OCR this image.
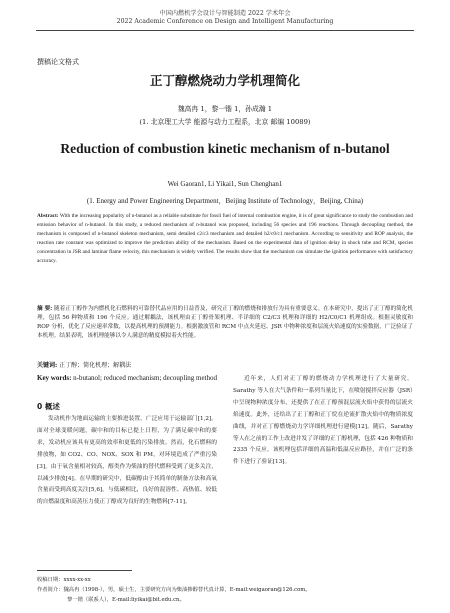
中国内燃机学会设计与智能制造 2022 学术年会
2022 Academic Conference on Design and Intelligent Manufacturing
撰稿论文格式
正丁醇燃烧动力学机理简化
魏高冉 1，黎一锴 1，孙成瀚 1
(1. 北京理工大学 能源与动力工程系，北京 邮编 10089)
Reduction of combustion kinetic mechanism of n-butanol
Wei Gaoran1, Li Yikai1, Sun Chenghan1
(1. Energy and Power Engineering Department，Beijing Institute of Technology，Beijing, China)
Abstract: With the increasing popularity of n-butanol as a reliable substitute for fossil fuel of internal combustion engine, it is of great significance to study the combustion and emission behavior of n-butanol. In this study, a reduced mechanism of n-butanol was proposed, including 56 species and 196 reactions. Through decoupling method, the mechanism is composed of n-butanol skeleton mechanism, semi detailed c2/c3 mechanism and detailed h2/c0/c1 mechanism. According to sensitivity and ROP analysis, the reaction rate constant was optimized to improve the prediction ability of the mechanism. Based on the experimental data of ignition delay in shock tube and RCM, species concentration in JSR and laminar flame velocity, this mechanism is widely verified. The results show that the mechanism can simulate the ignition performance with satisfactory accuracy.
摘 要: 随着正丁醇作为内燃机化石燃料的可靠替代品应用的日益普及，研究正丁醇的燃烧和排放行为具有重要意义。在本研究中，提出了正丁醇的简化机理，包括 56 种物质和 196 个反应。通过解耦法，该机理由正丁醇骨架机理、半详细的 C2/C3 机理和详细的 H2/C0/C1 机理组成。根据灵敏度和 ROP 分析，优化了反应速率常数，以提高机理的预测能力。根据激波管和 RCM 中点火延迟、JSR 中物种浓度和层流火焰速度的实验数据，广泛验证了本机理。结果表明，该机理能够以令人满意的精度模拟着火性能。
关键词: 正丁醇；简化机理；解耦法
Key words: n-butanol; reduced mechanism; decoupling method
0 概述
发动机作为地面运输的主要推进装置，广泛应用于运输部门[1,2]。面对全球变暖问题，碳中和的目标已提上日程，为了满足碳中和的要求，发动机应该具有更高的效率和更低的污染排放。然而，化石燃料的排放物，如 CO2、CO、NOX、SOX 和 PM，对环境造成了严重污染[3]。由于氧含量相对较高，醇类作为柴油的替代燃料受到了更多关注，以减少排放[4]。在早期的研究中，低碳醇由于其简单的制备方法和高氧含量而受到高度关注[5,6]。与低碳相比，良好的混溶性、高热值、较低的自燃温度和高蒸压力使正丁醇成为良好的生物燃料[7-11]。
近年来，人们对正丁醇的燃烧动力学机理进行了大量研究。Sarathy 等人在大气条件和一系列当量比下，在喷射搅拌反应器（JSR）中呈现物种浓度分布，还提供了在正丁醇预混层流火焰中获得的层流火焰速度。此外，还给出了正丁醇和正丁烷在逆流扩散火焰中的物质浓度曲线，并对正丁醇燃烧动力学详细机理进行建模[12]。随后，Sarathy 等人在之前的工作上改进并发了详细的正丁醇机理，包括 426 种物质和 2335 个反应。该机理包括详细的高温和低温反应路径，并在广泛的条件下进行了验证[13]。
收稿日期：xxxx-xx-xx
作者简介：魏高冉（1998-），男，硕士生，主要研究方向为柴油掺醇替代真计算，E-mail:weigaoran@126.com。
黎一锴（联系人），E-mail:liyikai@bit.edu.cn。
